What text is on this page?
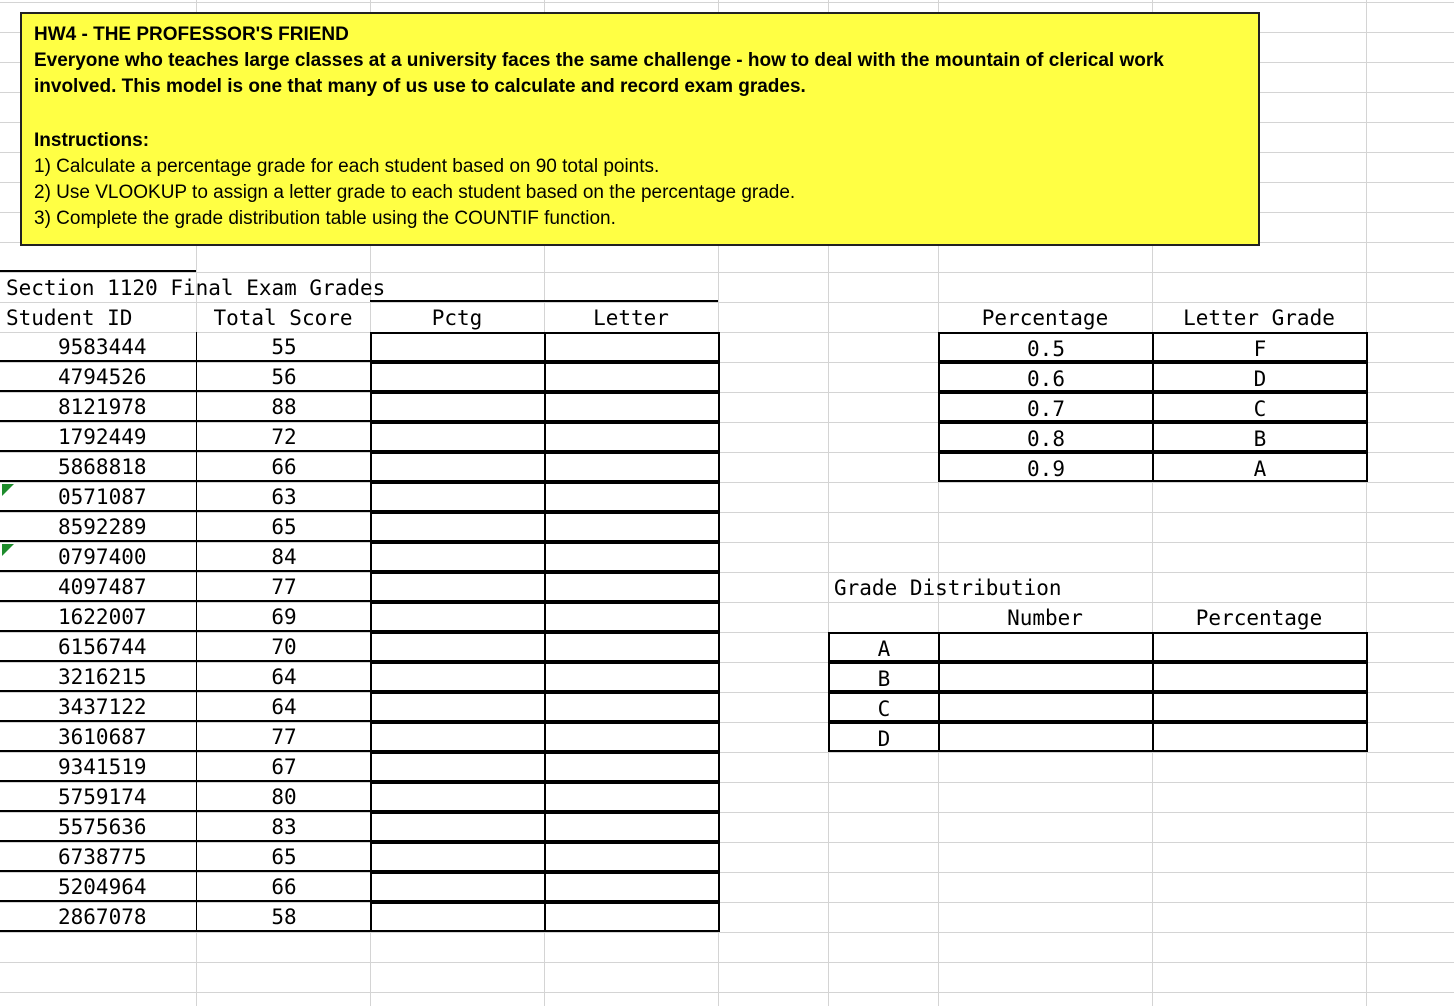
HW4 - THE PROFESSOR'S FRIEND
Everyone who teaches large classes at a university faces the same challenge - how to deal with the mountain of clerical work
involved. This model is one that many of us use to calculate and record exam grades.
Instructions:
1) Calculate a percentage grade for each student based on 90 total points.
2) Use VLOOKUP to assign a letter grade to each student based on the percentage grade.
3) Complete the grade distribution table using the COUNTIF function.
Section 1120 Final Exam Grades
Student ID	Total Score	Pctg	Letter
9583444	55
4794526	56
8121978	88
1792449	72
5868818	66
0571087	63
8592289	65
0797400	84
4097487	77
1622007	69
6156744	70
3216215	64
3437122	64
3610687	77
9341519	67
5759174	80
5575636	83
6738775	65
5204964	66
2867078	58
Percentage	Letter Grade
0.5	F
0.6	D
0.7	C
0.8	B
0.9	A
Grade Distribution
Number	Percentage
A
B
C
D
